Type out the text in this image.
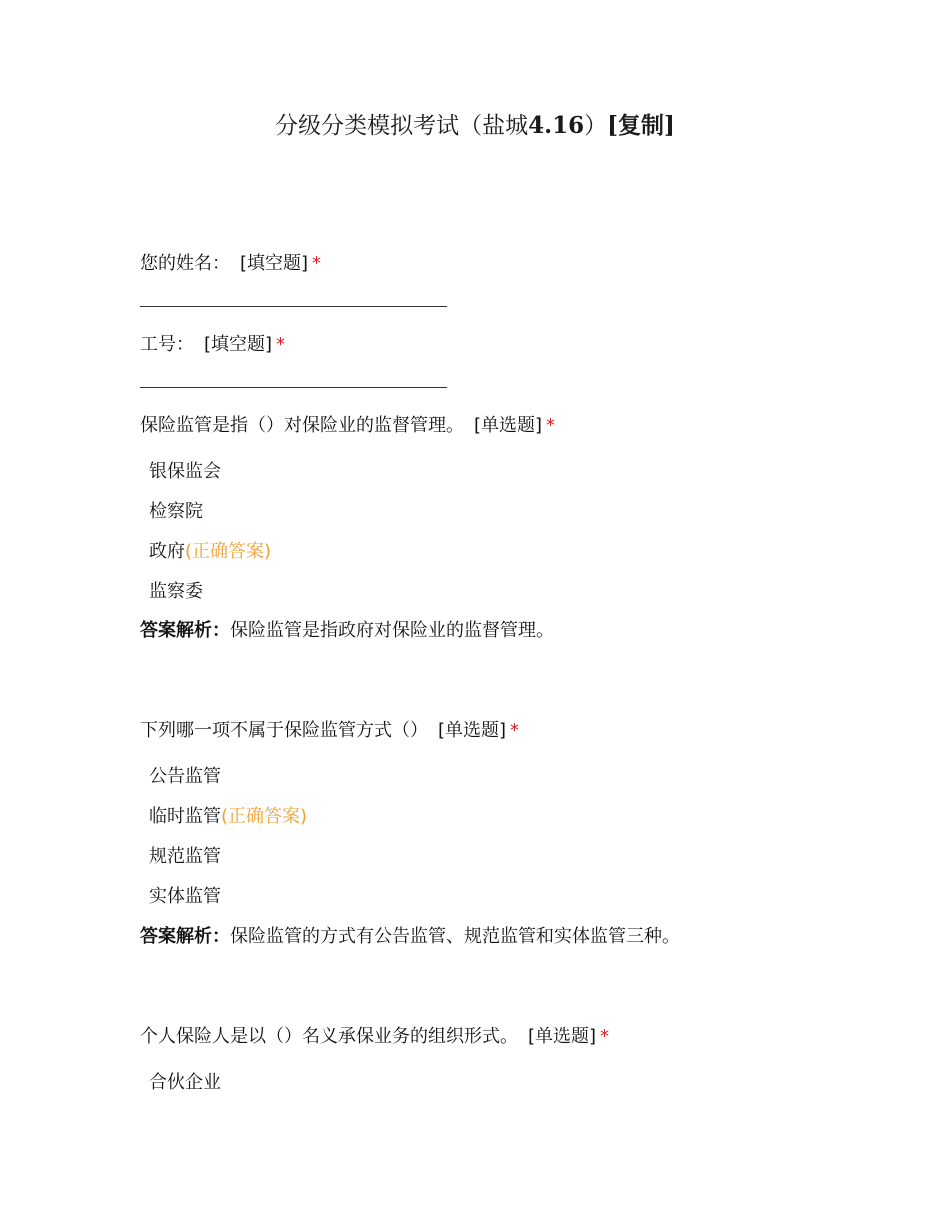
分级分类模拟考试（盐城4.16）[复制]
您的姓名： [填空题] *
工号： [填空题] *
保险监管是指（）对保险业的监督管理。 [单选题] *
银保监会
检察院
政府(正确答案)
监察委
答案解析：保险监管是指政府对保险业的监督管理。
下列哪一项不属于保险监管方式（） [单选题] *
公告监管
临时监管(正确答案)
规范监管
实体监管
答案解析：保险监管的方式有公告监管、规范监管和实体监管三种。
个人保险人是以（）名义承保业务的组织形式。 [单选题] *
合伙企业
